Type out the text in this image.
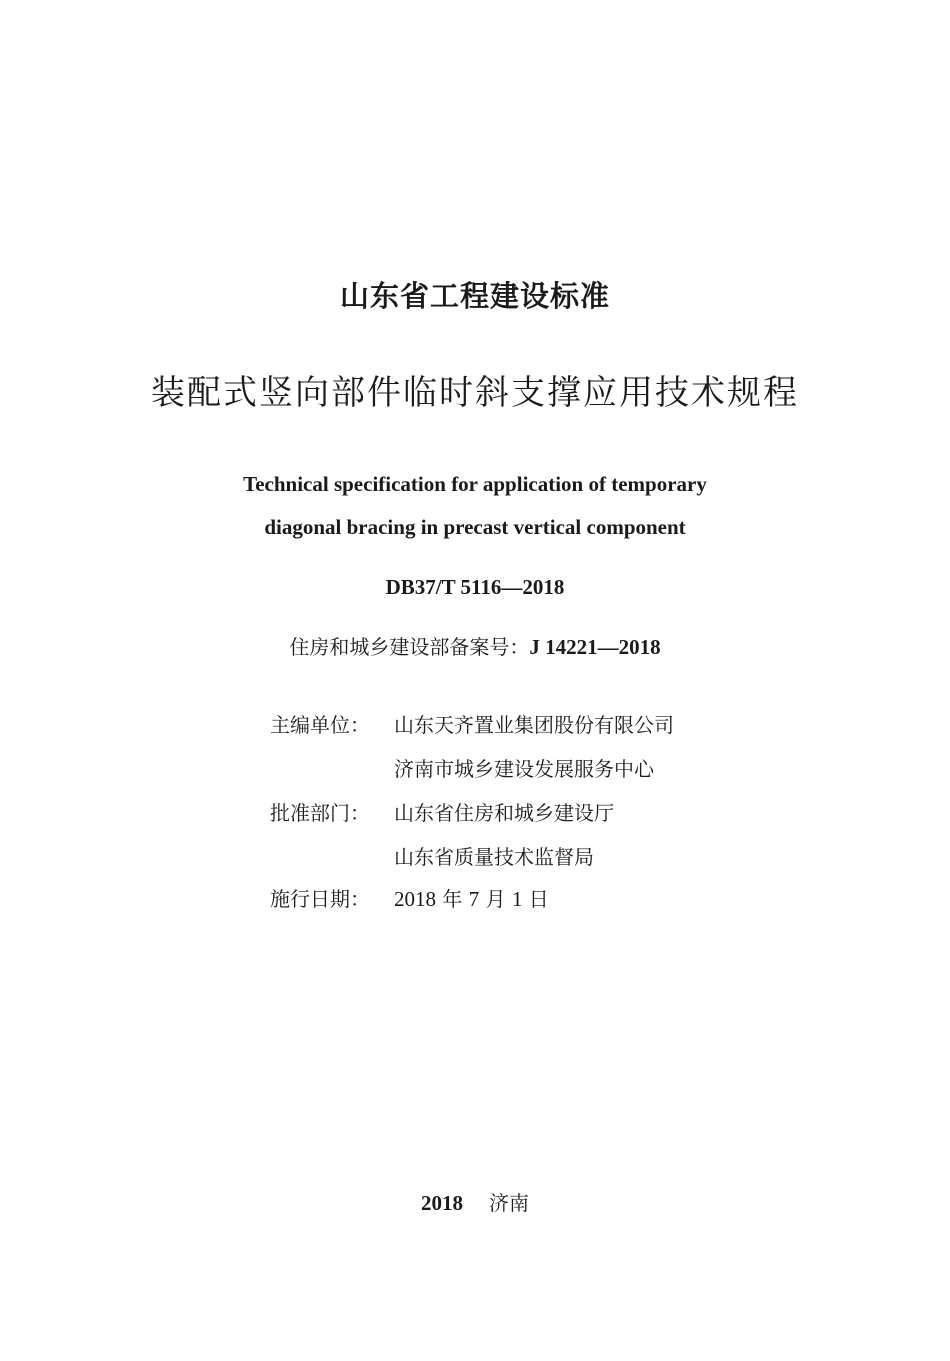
山东省工程建设标准
装配式竖向部件临时斜支撑应用技术规程
Technical specification for application of temporary
diagonal bracing in precast vertical component
DB37/T 5116—2018
住房和城乡建设部备案号：J 14221—2018
主编单位： 山东天齐置业集团股份有限公司
济南市城乡建设发展服务中心
批准部门： 山东省住房和城乡建设厅
山东省质量技术监督局
施行日期： 2018 年 7 月 1 日
2018 济南
